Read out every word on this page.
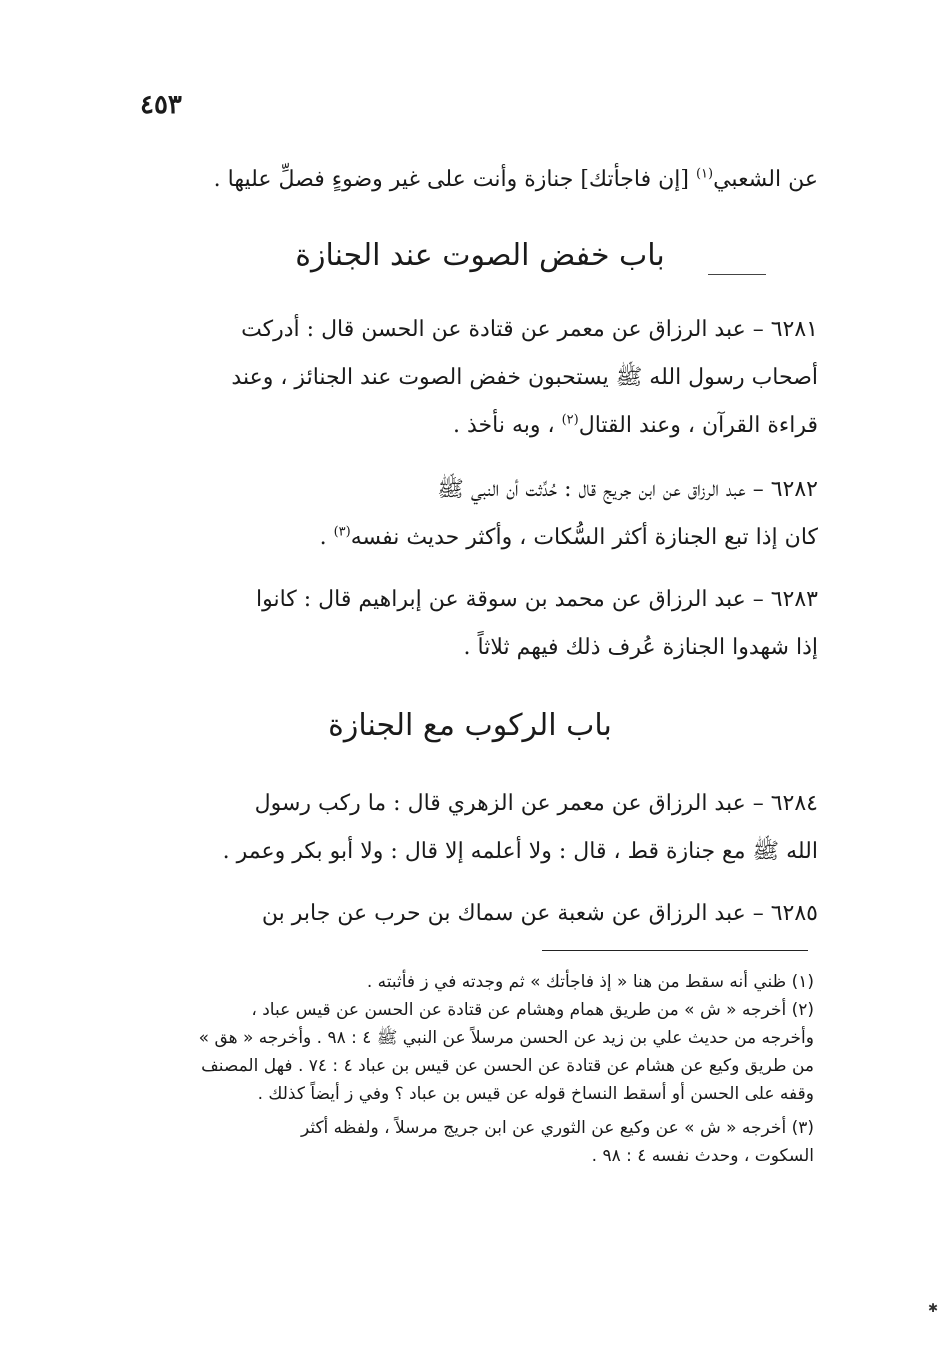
٤٥٣
عن الشعبي$^{(١)}$ [إن فاجأتك] جنازة وأنت على غير وضوءٍ فصلِّ عليها .
باب خفض الصوت عند الجنازة
٦٢٨١ – عبد الرزاق عن معمر عن قتادة عن الحسن قال : أدركت
أصحاب رسول الله ﷺ يستحبون خفض الصوت عند الجنائز ، وعند
قراءة القرآن ، وعند القتال$^{(٢)}$ ، وبه نأخذ .
٦٢٨٢ – عبد الرزاق عن ابن جريج قال : حُدِّثت أن النبي ﷺ
كان إذا تبع الجنازة أكثر السُّكات ، وأكثر حديث نفسه$^{(٣)}$ .
٦٢٨٣ – عبد الرزاق عن محمد بن سوقة عن إبراهيم قال : كانوا
إذا شهدوا الجنازة عُرف ذلك فيهم ثلاثاً .
باب الركوب مع الجنازة
٦٢٨٤ – عبد الرزاق عن معمر عن الزهري قال : ما ركب رسول
الله ﷺ مع جنازة قط ، قال : ولا أعلمه إلا قال : ولا أبو بكر وعمر .
٦٢٨٥ – عبد الرزاق عن شعبة عن سماك بن حرب عن جابر بن
(١) ظني أنه سقط من هنا « إذ فاجأتك » ثم وجدته في ز فأثبته .
(٢) أخرجه « ش » من طريق همام وهشام عن قتادة عن الحسن عن قيس عباد ،
وأخرجه من حديث علي بن زيد عن الحسن مرسلاً عن النبي ﷺ ٤ : ٩٨ . وأخرجه « هق »
من طريق وكيع عن هشام عن قتادة عن الحسن عن قيس بن عباد ٤ : ٧٤ . فهل المصنف
وقفه على الحسن أو أسقط النساخ قوله عن قيس بن عباد ؟ وفي ز أيضاً كذلك .
(٣) أخرجه « ش » عن وكيع عن الثوري عن ابن جريج مرسلاً ، ولفظه أكثر
السكوت ، وحدث نفسه ٤ : ٩٨ .
✱
